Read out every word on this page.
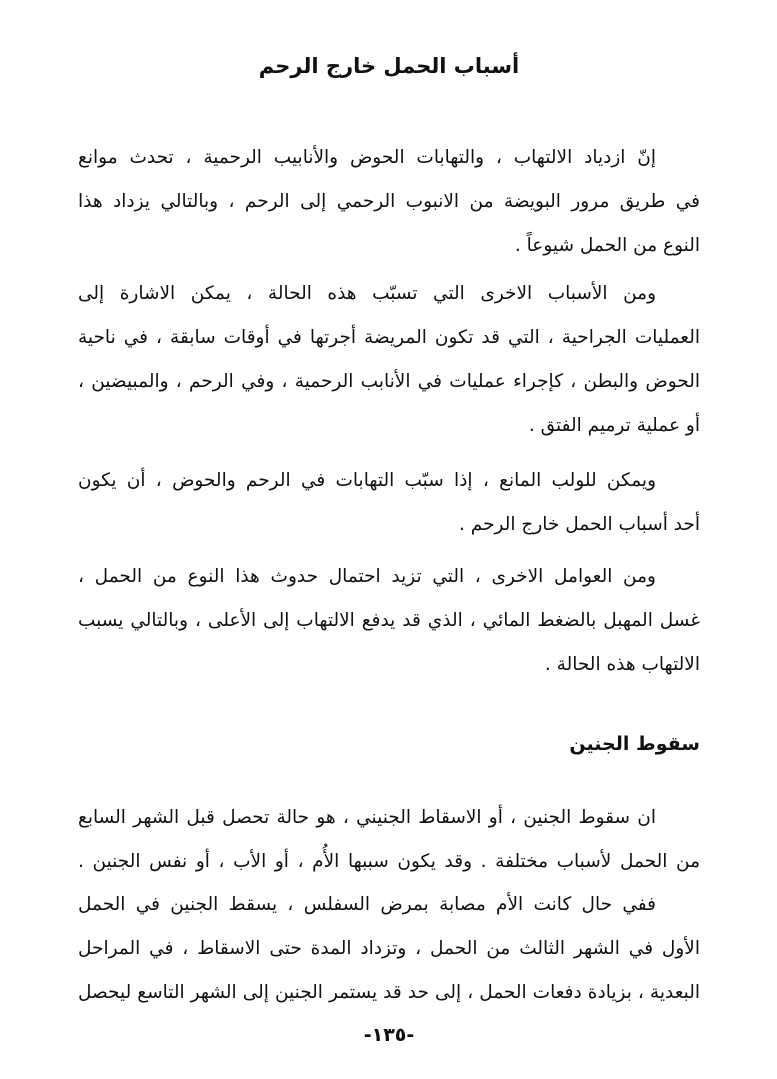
أسباب الحمل خارج الرحم
إنّ ازدياد الالتهاب ، والتهابات الحوض والأنابيب الرحمية ، تحدث موانع
في طريق مرور البويضة من الانبوب الرحمي إلى الرحم ، وبالتالي يزداد هذا
النوع من الحمل شيوعاً .
ومن الأسباب الاخرى التي تسبّب هذه الحالة ، يمكن الاشارة إلى
العمليات الجراحية ، التي قد تكون المريضة أجرتها في أوقات سابقة ، في ناحية
الحوض والبطن ، كإجراء عمليات في الأنابب الرحمية ، وفي الرحم ، والمبيضين ،
أو عملية ترميم الفتق .
ويمكن للولب المانع ، إذا سبّب التهابات في الرحم والحوض ، أن يكون
أحد أسباب الحمل خارج الرحم .
ومن العوامل الاخرى ، التي تزيد احتمال حدوث هذا النوع من الحمل ،
غسل المهبل بالضغط المائي ، الذي قد يدفع الالتهاب إلى الأعلى ، وبالتالي يسبب
الالتهاب هذه الحالة .
سقوط الجنين
ان سقوط الجنين ، أو الاسقاط الجنيني ، هو حالة تحصل قبل الشهر السابع
من الحمل لأسباب مختلفة . وقد يكون سببها الأُم ، أو الأب ، أو نفس الجنين .
ففي حال كانت الأم مصابة بمرض السفلس ، يسقط الجنين في الحمل
الأول في الشهر الثالث من الحمل ، وتزداد المدة حتى الاسقاط ، في المراحل
البعدية ، بزيادة دفعات الحمل ، إلى حد قد يستمر الجنين إلى الشهر التاسع ليحصل
-١٣٥-
